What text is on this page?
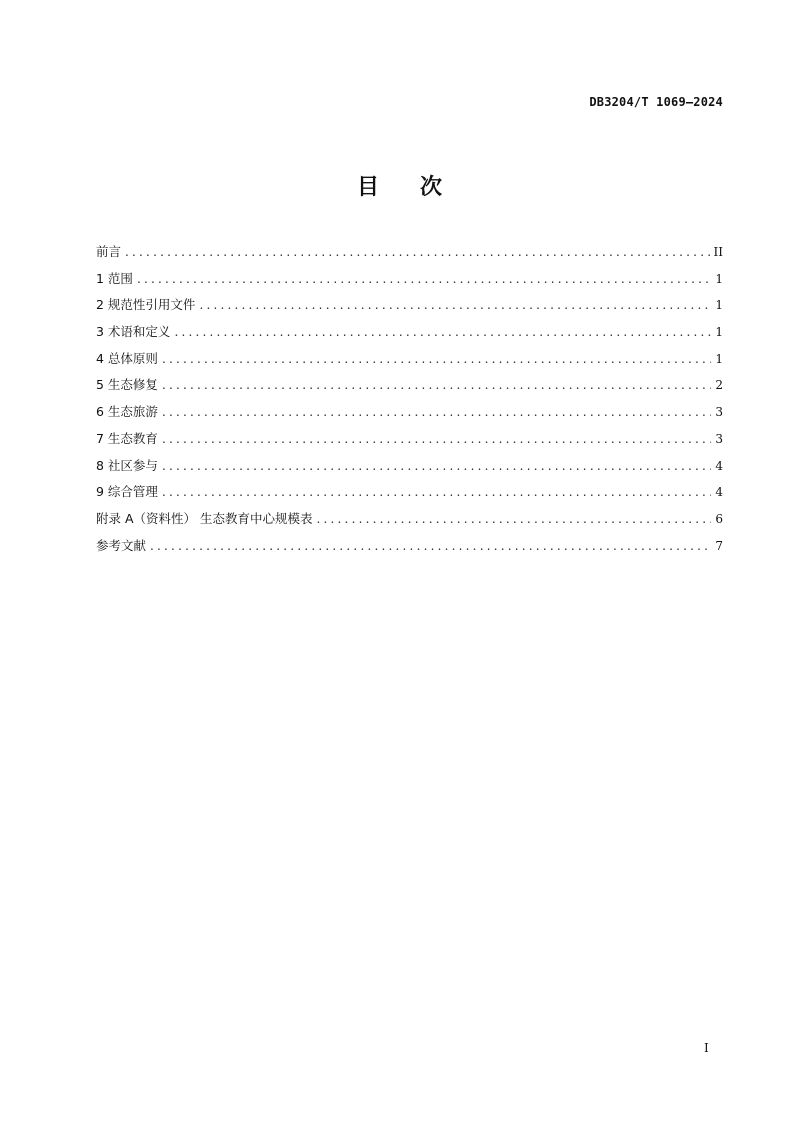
DB3204/T 1069—2024
目 次
前言 .....	II
1 范围 .....	1
2 规范性引用文件 .....	1
3 术语和定义 .....	1
4 总体原则 .....	1
5 生态修复 .....	2
6 生态旅游 .....	3
7 生态教育 .....	3
8 社区参与 .....	4
9 综合管理 .....	4
附录 A（资料性） 生态教育中心规模表 .....	6
参考文献 .....	7
I
